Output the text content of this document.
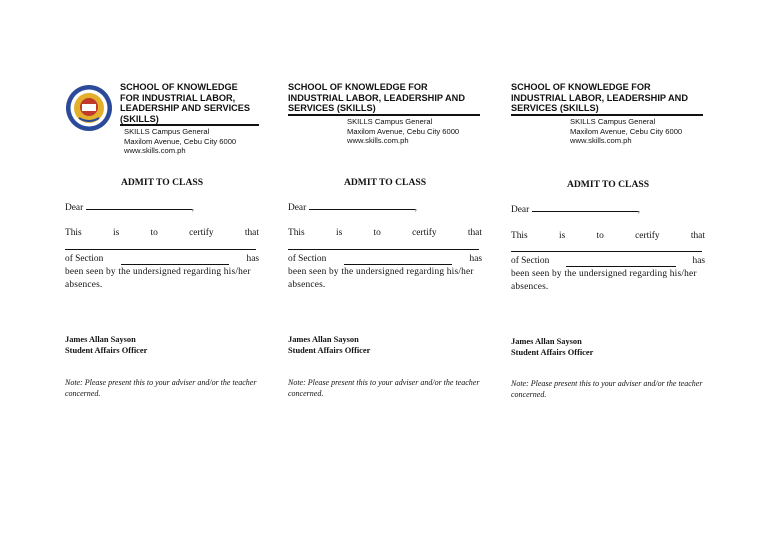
SCHOOL OF KNOWLEDGE
FOR INDUSTRIAL LABOR,
LEADERSHIP AND SERVICES
(SKILLS)
SKILLS Campus General
Maxilom Avenue, Cebu City 6000
www.skills.com.ph
ADMIT TO CLASS
Dear	,
This	is	to	certify	that
of Section	has
been seen by the undersigned regarding his/her absences.
James Allan Sayson
Student Affairs Officer
Note: Please present this to your adviser and/or the teacher concerned.
SCHOOL OF KNOWLEDGE FOR
INDUSTRIAL LABOR, LEADERSHIP AND
SERVICES (SKILLS)
SKILLS Campus General
Maxilom Avenue, Cebu City 6000
www.skills.com.ph
ADMIT TO CLASS
Dear	,
This	is	to	certify	that
of Section	has
been seen by the undersigned regarding his/her absences.
James Allan Sayson
Student Affairs Officer
Note: Please present this to your adviser and/or the teacher concerned.
SCHOOL OF KNOWLEDGE FOR
INDUSTRIAL LABOR, LEADERSHIP AND
SERVICES (SKILLS)
SKILLS Campus General
Maxilom Avenue, Cebu City 6000
www.skills.com.ph
ADMIT TO CLASS
Dear	,
This	is	to	certify	that
of Section	has
been seen by the undersigned regarding his/her absences.
James Allan Sayson
Student Affairs Officer
Note: Please present this to your adviser and/or the teacher concerned.
